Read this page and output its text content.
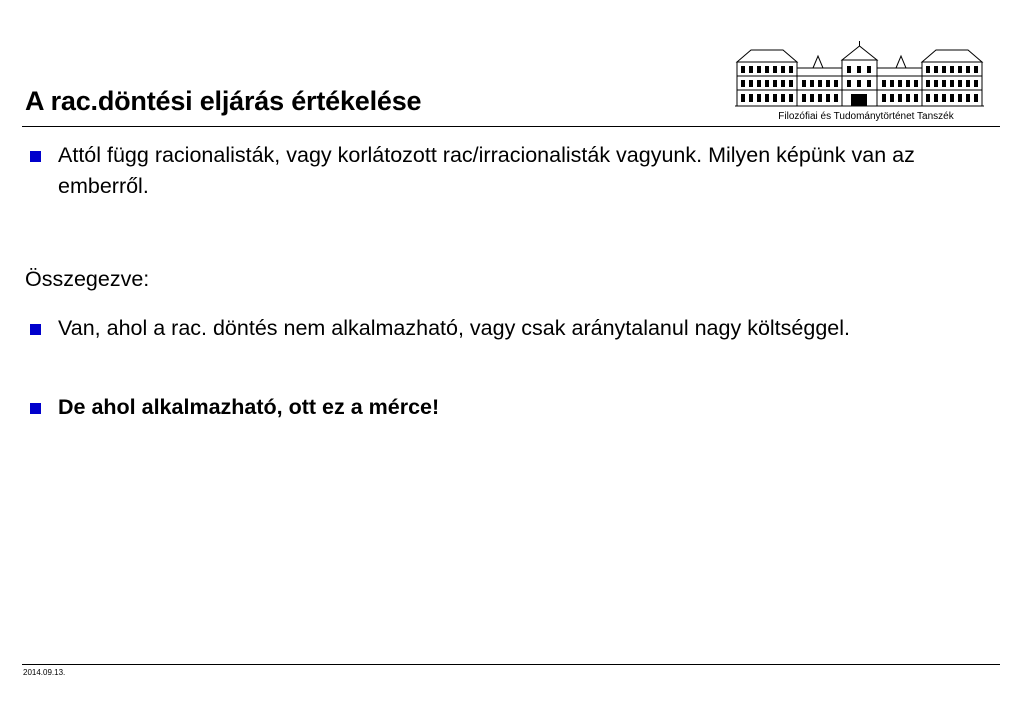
A rac.döntési eljárás értékelése
Filozófiai és Tudománytörténet Tanszék
Attól függ racionalisták, vagy korlátozott rac/irracionalisták vagyunk. Milyen képünk van az emberről.
Összegezve:
Van, ahol a rac. döntés nem alkalmazható, vagy csak aránytalanul nagy költséggel.
De ahol alkalmazható, ott ez a mérce!
2014.09.13.
